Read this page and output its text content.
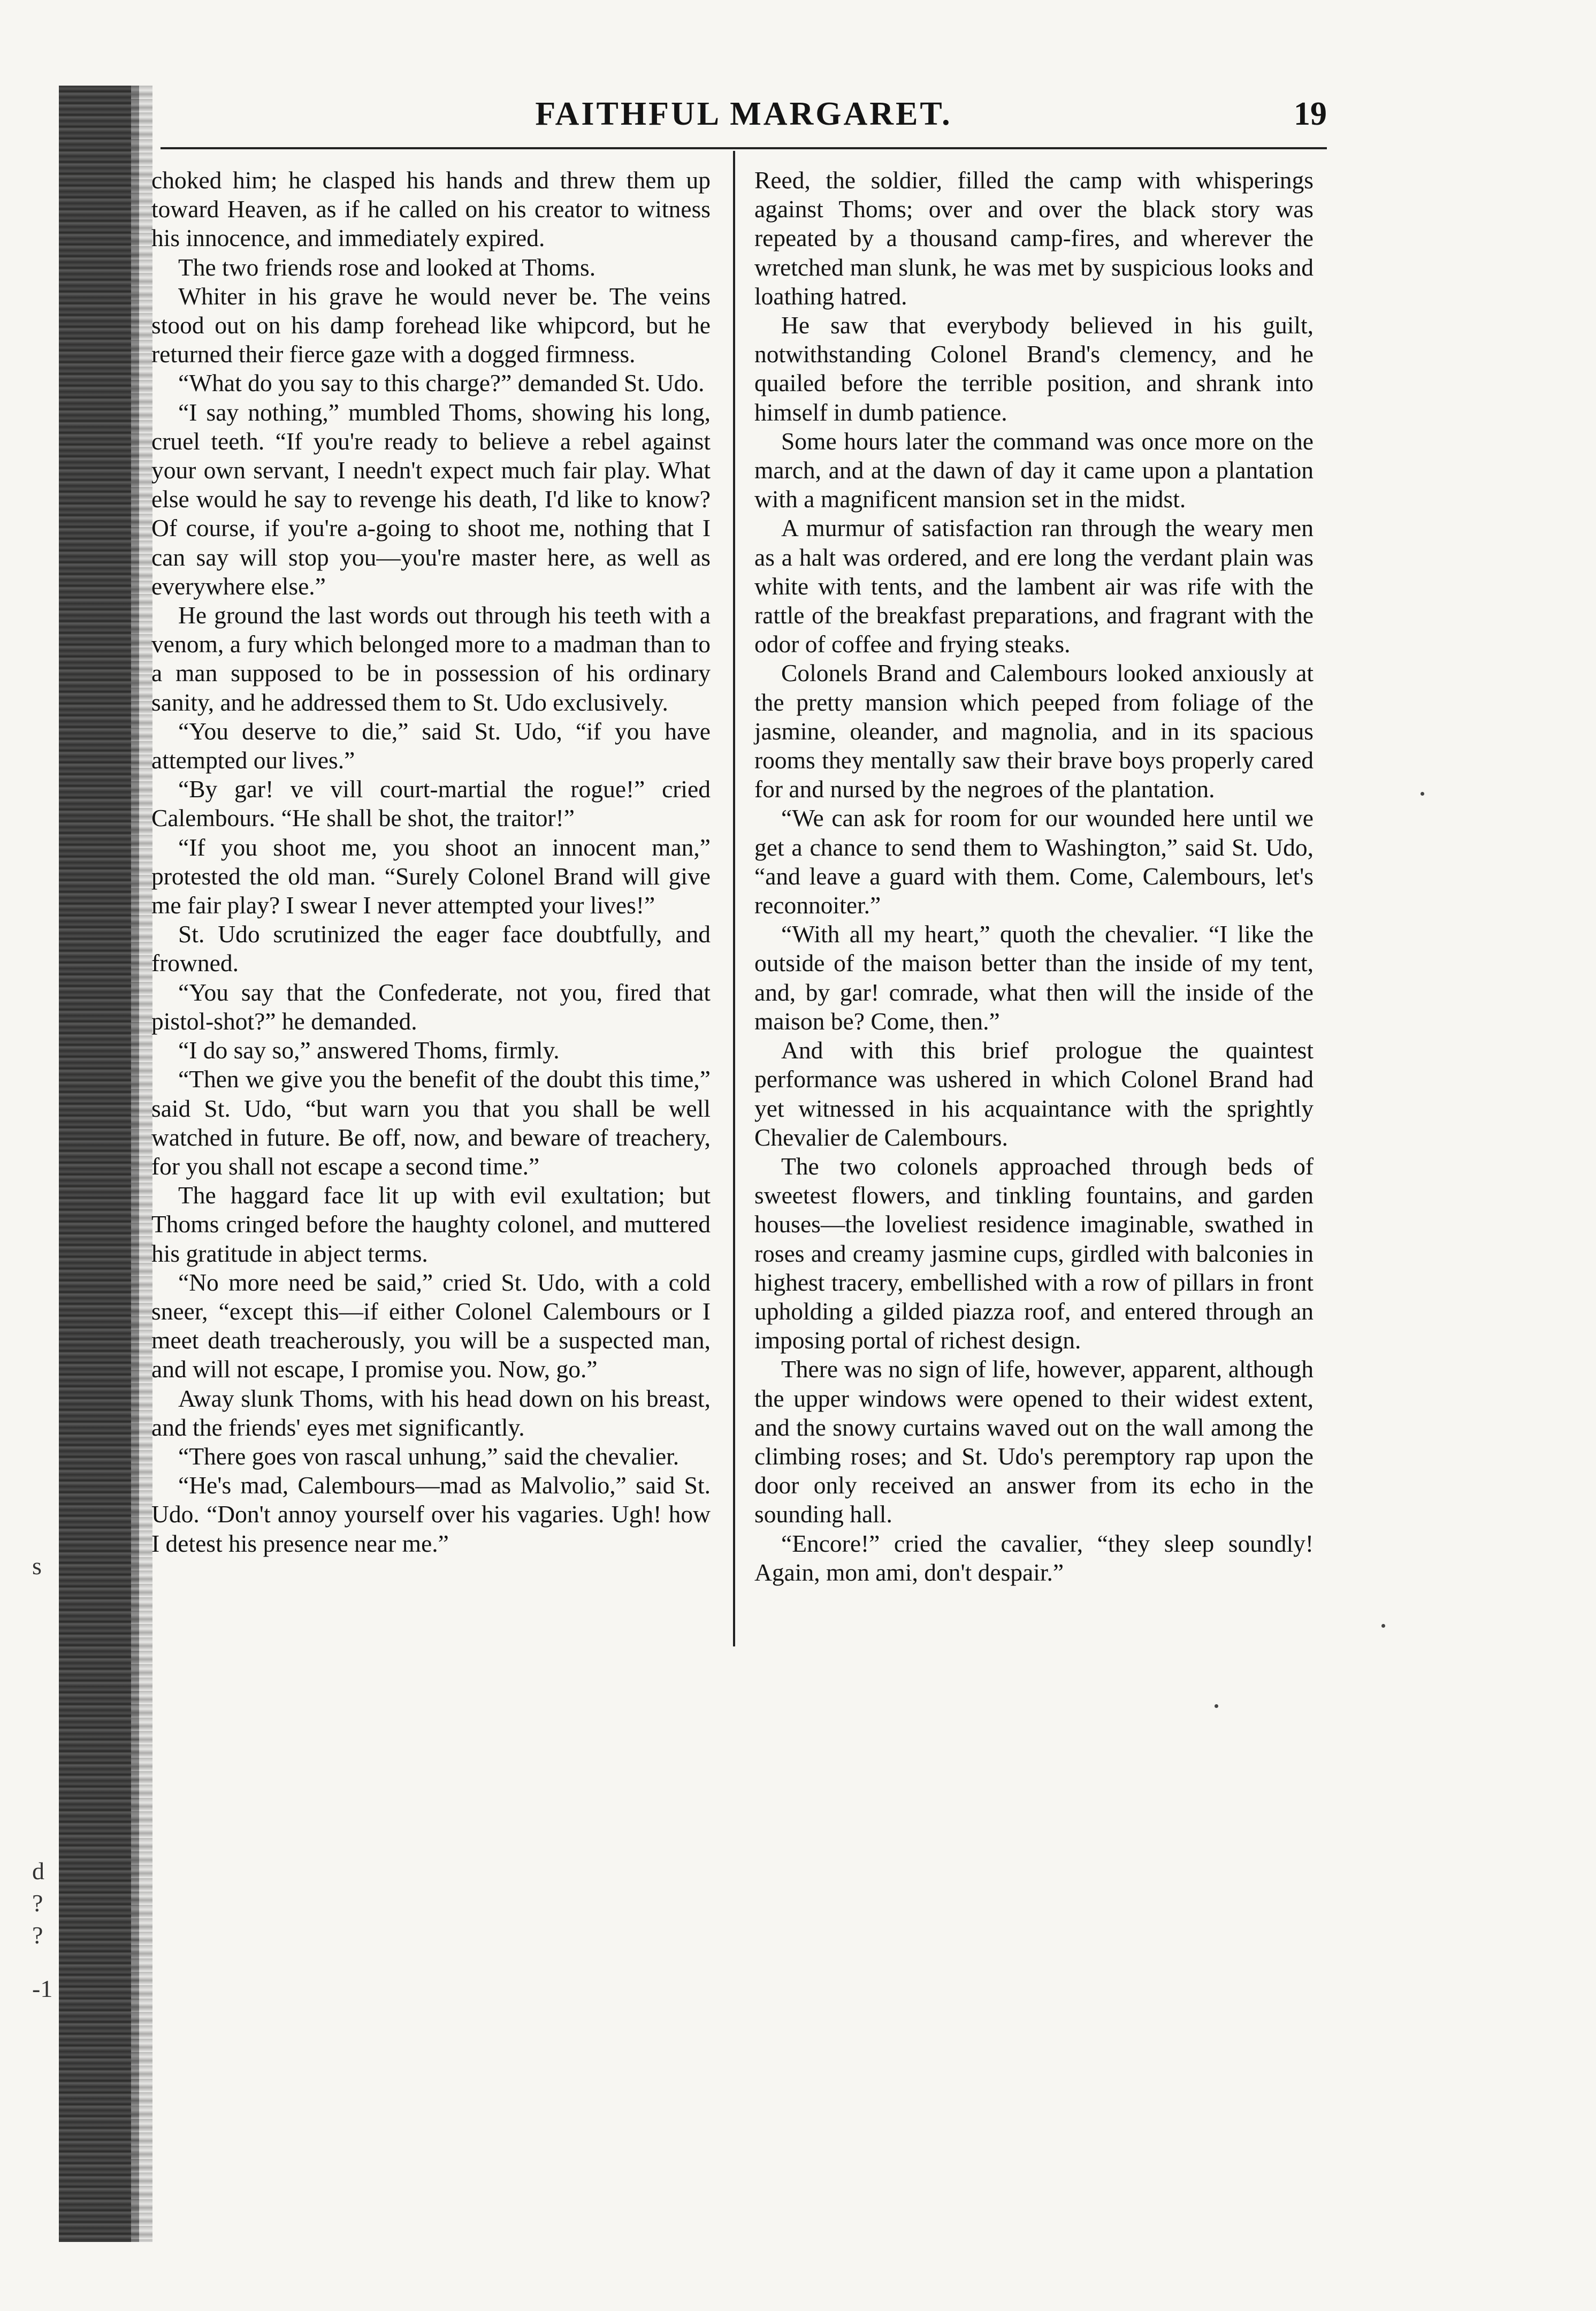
s
d
?
?
-1
FAITHFUL MARGARET.	19

choked him; he clasped his hands and threw them up toward Heaven, as if he called on his creator to witness his innocence, and immediately expired.

The two friends rose and looked at Thoms.

Whiter in his grave he would never be. The veins stood out on his damp forehead like whipcord, but he returned their fierce gaze with a dogged firmness.

“What do you say to this charge?” demanded St. Udo.

“I say nothing,” mumbled Thoms, showing his long, cruel teeth. “If you're ready to believe a rebel against your own servant, I needn't expect much fair play. What else would he say to revenge his death, I'd like to know? Of course, if you're a-going to shoot me, nothing that I can say will stop you—you're master here, as well as everywhere else.”

He ground the last words out through his teeth with a venom, a fury which belonged more to a madman than to a man supposed to be in possession of his ordinary sanity, and he addressed them to St. Udo exclusively.

“You deserve to die,” said St. Udo, “if you have attempted our lives.”

“By gar! ve vill court-martial the rogue!” cried Calembours. “He shall be shot, the traitor!”

“If you shoot me, you shoot an innocent man,” protested the old man. “Surely Colonel Brand will give me fair play? I swear I never attempted your lives!”

St. Udo scrutinized the eager face doubtfully, and frowned.

“You say that the Confederate, not you, fired that pistol-shot?” he demanded.

“I do say so,” answered Thoms, firmly.

“Then we give you the benefit of the doubt this time,” said St. Udo, “but warn you that you shall be well watched in future. Be off, now, and beware of treachery, for you shall not escape a second time.”

The haggard face lit up with evil exultation; but Thoms cringed before the haughty colonel, and muttered his gratitude in abject terms.

“No more need be said,” cried St. Udo, with a cold sneer, “except this—if either Colonel Calembours or I meet death treacherously, you will be a suspected man, and will not escape, I promise you. Now, go.”

Away slunk Thoms, with his head down on his breast, and the friends' eyes met significantly.

“There goes von rascal unhung,” said the chevalier.

“He's mad, Calembours—mad as Malvolio,” said St. Udo. “Don't annoy yourself over his vagaries. Ugh! how I detest his presence near me.”

Reed, the soldier, filled the camp with whisperings against Thoms; over and over the black story was repeated by a thousand camp-fires, and wherever the wretched man slunk, he was met by suspicious looks and loathing hatred.

He saw that everybody believed in his guilt, notwithstanding Colonel Brand's clemency, and he quailed before the terrible position, and shrank into himself in dumb patience.

Some hours later the command was once more on the march, and at the dawn of day it came upon a plantation with a magnificent mansion set in the midst.

A murmur of satisfaction ran through the weary men as a halt was ordered, and ere long the verdant plain was white with tents, and the lambent air was rife with the rattle of the breakfast preparations, and fragrant with the odor of coffee and frying steaks.

Colonels Brand and Calembours looked anxiously at the pretty mansion which peeped from foliage of the jasmine, oleander, and magnolia, and in its spacious rooms they mentally saw their brave boys properly cared for and nursed by the negroes of the plantation.

“We can ask for room for our wounded here until we get a chance to send them to Washington,” said St. Udo, “and leave a guard with them. Come, Calembours, let's reconnoiter.”

“With all my heart,” quoth the chevalier. “I like the outside of the maison better than the inside of my tent, and, by gar! comrade, what then will the inside of the maison be? Come, then.”

And with this brief prologue the quaintest performance was ushered in which Colonel Brand had yet witnessed in his acquaintance with the sprightly Chevalier de Calembours.

The two colonels approached through beds of sweetest flowers, and tinkling fountains, and garden houses—the loveliest residence imaginable, swathed in roses and creamy jasmine cups, girdled with balconies in highest tracery, embellished with a row of pillars in front upholding a gilded piazza roof, and entered through an imposing portal of richest design.

There was no sign of life, however, apparent, although the upper windows were opened to their widest extent, and the snowy curtains waved out on the wall among the climbing roses; and St. Udo's peremptory rap upon the door only received an answer from its echo in the sounding hall.

“Encore!” cried the cavalier, “they sleep soundly! Again, mon ami, don't despair.”
